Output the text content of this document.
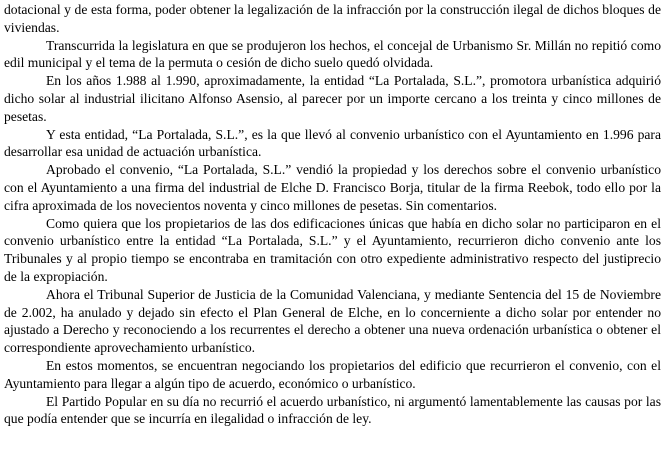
dotacional y de esta forma, poder obtener la legalización de la infracción por la construcción ilegal de dichos bloques de viviendas.

Transcurrida la legislatura en que se produjeron los hechos, el concejal de Urbanismo Sr. Millán no repitió como edil municipal y el tema de la permuta o cesión de dicho suelo quedó olvidada.

En los años 1.988 al 1.990, aproximadamente, la entidad “La Portalada, S.L.”, promotora urbanística adquirió dicho solar al industrial ilicitano Alfonso Asensio, al parecer por un importe cercano a los treinta y cinco millones de pesetas.

Y esta entidad, “La Portalada, S.L.”, es la que llevó al convenio urbanístico con el Ayuntamiento en 1.996 para desarrollar esa unidad de actuación urbanística.

Aprobado el convenio, “La Portalada, S.L.” vendió la propiedad y los derechos sobre el convenio urbanístico con el Ayuntamiento a una firma del industrial de Elche D. Francisco Borja, titular de la firma Reebok, todo ello por la cifra aproximada de los novecientos noventa y cinco millones de pesetas. Sin comentarios.

Como quiera que los propietarios de las dos edificaciones únicas que había en dicho solar no participaron en el convenio urbanístico entre la entidad “La Portalada, S.L.” y el Ayuntamiento, recurrieron dicho convenio ante los Tribunales y al propio tiempo se encontraba en tramitación con otro expediente administrativo respecto del justiprecio de la expropiación.

Ahora el Tribunal Superior de Justicia de la Comunidad Valenciana, y mediante Sentencia del 15 de Noviembre de 2.002, ha anulado y dejado sin efecto el Plan General de Elche, en lo concerniente a dicho solar por entender no ajustado a Derecho y reconociendo a los recurrentes el derecho a obtener una nueva ordenación urbanística o obtener el correspondiente aprovechamiento urbanístico.

En estos momentos, se encuentran negociando los propietarios del edificio que recurrieron el convenio, con el Ayuntamiento para llegar a algún tipo de acuerdo, económico o urbanístico.

El Partido Popular en su día no recurrió el acuerdo urbanístico, ni argumentó lamentablemente las causas por las que podía entender que se incurría en ilegalidad o infracción de ley.
